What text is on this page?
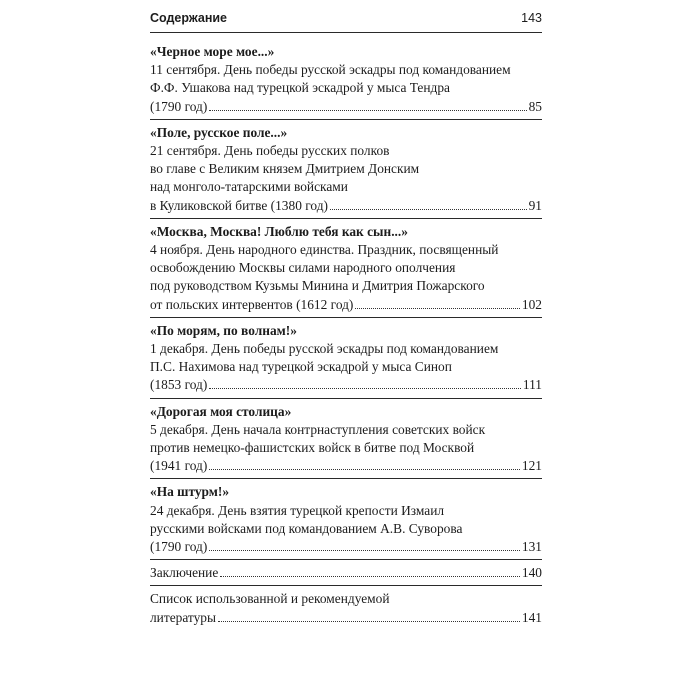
Содержание	143
«Черное море мое...»
11 сентября. День победы русской эскадры под командованием
Ф.Ф. Ушакова над турецкой эскадрой у мыса Тендра
(1790 год)	85
«Поле, русское поле...»
21 сентября. День победы русских полков
во главе с Великим князем Дмитрием Донским
над монголо-татарскими войсками
в Куликовской битве (1380 год)	91
«Москва, Москва! Люблю тебя как сын...»
4 ноября. День народного единства. Праздник, посвященный
освобождению Москвы силами народного ополчения
под руководством Кузьмы Минина и Дмитрия Пожарского
от польских интервентов (1612 год)	102
«По морям, по волнам!»
1 декабря. День победы русской эскадры под командованием
П.С. Нахимова над турецкой эскадрой у мыса Синоп
(1853 год)	111
«Дорогая моя столица»
5 декабря. День начала контрнаступления советских войск
против немецко-фашистских войск в битве под Москвой
(1941 год)	121
«На штурм!»
24 декабря. День взятия турецкой крепости Измаил
русскими войсками под командованием А.В. Суворова
(1790 год)	131
Заключение	140
Список использованной и рекомендуемой
литературы	141
